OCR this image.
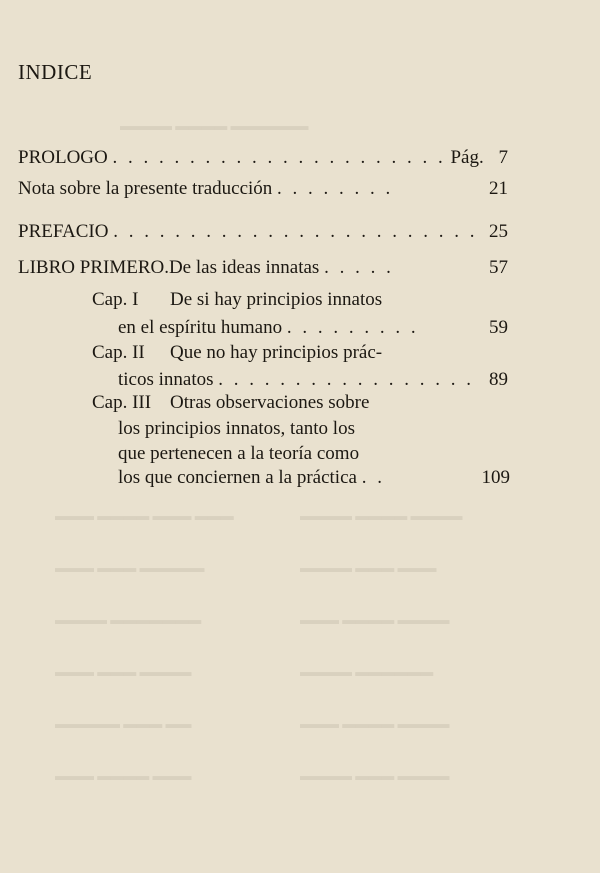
▬▬▬▬ ▬▬▬▬ ▬▬▬▬▬▬
▬▬▬ ▬▬▬▬ ▬▬▬ ▬▬▬	▬▬▬▬ ▬▬▬▬ ▬▬▬▬
▬▬▬ ▬▬▬ ▬▬▬▬▬	▬▬▬▬ ▬▬▬ ▬▬▬
▬▬▬▬ ▬▬▬▬▬▬▬	▬▬▬ ▬▬▬▬ ▬▬▬▬
▬▬▬ ▬▬▬ ▬▬▬▬	▬▬▬▬ ▬▬▬▬▬▬
▬▬▬▬▬ ▬▬▬ ▬▬	▬▬▬ ▬▬▬▬ ▬▬▬▬
▬▬▬ ▬▬▬▬ ▬▬▬	▬▬▬▬ ▬▬▬ ▬▬▬▬
INDICE
PROLOGO . . . . . . . . . . . . . . . . . . . . . . Pág. 7
Nota sobre la presente traducción . . . . . . . .	21
PREFACIO . . . . . . . . . . . . . . . . . . . . . . . . 25
LIBRO PRIMERO.De las ideas innatas . . . . .	57
Cap. I De si hay principios innatos
en el espíritu humano . . . . . . . . .	59
Cap. II Que no hay principios prác-
ticos innatos . . . . . . . . . . . . . . . . . 89
Cap. III Otras observaciones sobre
los principios innatos, tanto los
que pertenecen a la teoría como
los que conciernen a la práctica . .	109
